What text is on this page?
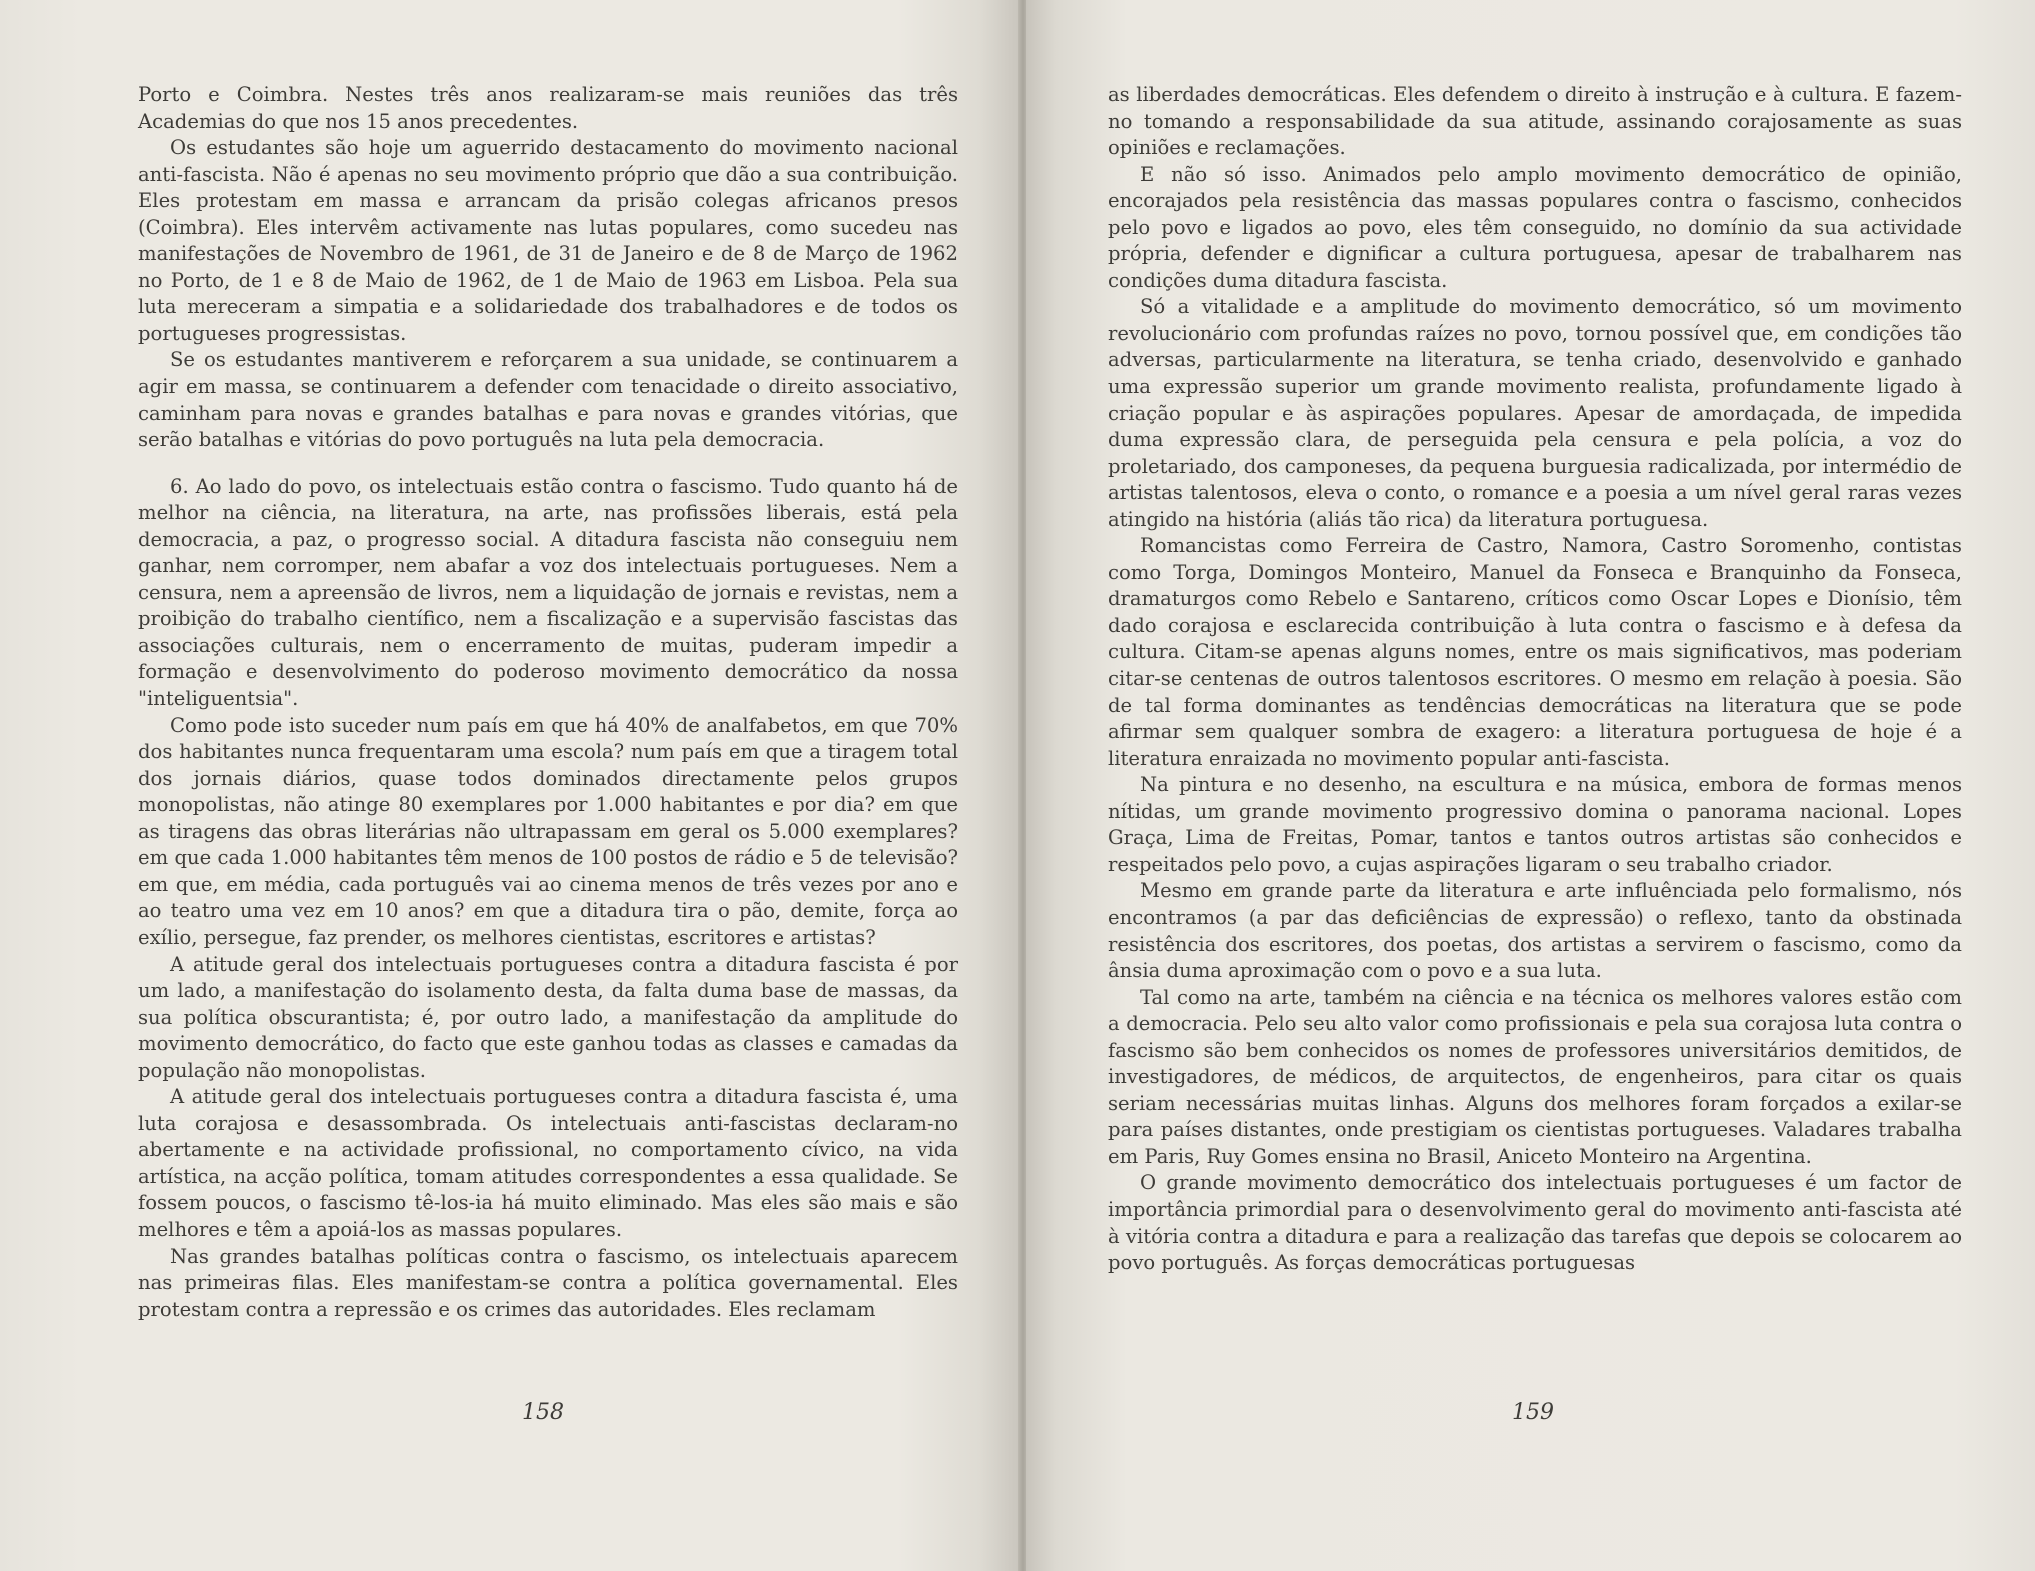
Porto e Coimbra. Nestes três anos realizaram-se mais reuniões das três Academias do que nos 15 anos precedentes.

Os estudantes são hoje um aguerrido destacamento do movimento nacional anti-fascista. Não é apenas no seu movimento próprio que dão a sua contribuição. Eles protestam em massa e arrancam da prisão colegas africanos presos (Coimbra). Eles intervêm activamente nas lutas populares, como sucedeu nas manifestações de Novembro de 1961, de 31 de Janeiro e de 8 de Março de 1962 no Porto, de 1 e 8 de Maio de 1962, de 1 de Maio de 1963 em Lisboa. Pela sua luta mereceram a simpatia e a solidariedade dos trabalhadores e de todos os portugueses progressistas.

Se os estudantes mantiverem e reforçarem a sua unidade, se continuarem a agir em massa, se continuarem a defender com tenacidade o direito associativo, caminham para novas e grandes batalhas e para novas e grandes vitórias, que serão batalhas e vitórias do povo português na luta pela democracia.

6. Ao lado do povo, os intelectuais estão contra o fascismo. Tudo quanto há de melhor na ciência, na literatura, na arte, nas profissões liberais, está pela democracia, a paz, o progresso social. A ditadura fascista não conseguiu nem ganhar, nem corromper, nem abafar a voz dos intelectuais portugueses. Nem a censura, nem a apreensão de livros, nem a liquidação de jornais e revistas, nem a proibição do trabalho científico, nem a fiscalização e a supervisão fascistas das associações culturais, nem o encerramento de muitas, puderam impedir a formação e desenvolvimento do poderoso movimento democrático da nossa "inteliguentsia".

Como pode isto suceder num país em que há 40% de analfabetos, em que 70% dos habitantes nunca frequentaram uma escola? num país em que a tiragem total dos jornais diários, quase todos dominados directamente pelos grupos monopolistas, não atinge 80 exemplares por 1.000 habitantes e por dia? em que as tiragens das obras literárias não ultrapassam em geral os 5.000 exemplares? em que cada 1.000 habitantes têm menos de 100 postos de rádio e 5 de televisão? em que, em média, cada português vai ao cinema menos de três vezes por ano e ao teatro uma vez em 10 anos? em que a ditadura tira o pão, demite, força ao exílio, persegue, faz prender, os melhores cientistas, escritores e artistas?

A atitude geral dos intelectuais portugueses contra a ditadura fascista é por um lado, a manifestação do isolamento desta, da falta duma base de massas, da sua política obscurantista; é, por outro lado, a manifestação da amplitude do movimento democrático, do facto que este ganhou todas as classes e camadas da população não monopolistas.

A atitude geral dos intelectuais portugueses contra a ditadura fascista é, uma luta corajosa e desassombrada. Os intelectuais anti-fascistas declaram-no abertamente e na actividade profissional, no comportamento cívico, na vida artística, na acção política, tomam atitudes correspondentes a essa qualidade. Se fossem poucos, o fascismo tê-los-ia há muito eliminado. Mas eles são mais e são melhores e têm a apoiá-los as massas populares.

Nas grandes batalhas políticas contra o fascismo, os intelectuais aparecem nas primeiras filas. Eles manifestam-se contra a política governamental. Eles protestam contra a repressão e os crimes das autoridades. Eles reclamam

158

as liberdades democráticas. Eles defendem o direito à instrução e à cultura. E fazem-no tomando a responsabilidade da sua atitude, assinando corajosamente as suas opiniões e reclamações.

E não só isso. Animados pelo amplo movimento democrático de opinião, encorajados pela resistência das massas populares contra o fascismo, conhecidos pelo povo e ligados ao povo, eles têm conseguido, no domínio da sua actividade própria, defender e dignificar a cultura portuguesa, apesar de trabalharem nas condições duma ditadura fascista.

Só a vitalidade e a amplitude do movimento democrático, só um movimento revolucionário com profundas raízes no povo, tornou possível que, em condições tão adversas, particularmente na literatura, se tenha criado, desenvolvido e ganhado uma expressão superior um grande movimento realista, profundamente ligado à criação popular e às aspirações populares. Apesar de amordaçada, de impedida duma expressão clara, de perseguida pela censura e pela polícia, a voz do proletariado, dos camponeses, da pequena burguesia radicalizada, por intermédio de artistas talentosos, eleva o conto, o romance e a poesia a um nível geral raras vezes atingido na história (aliás tão rica) da literatura portuguesa.

Romancistas como Ferreira de Castro, Namora, Castro Soromenho, contistas como Torga, Domingos Monteiro, Manuel da Fonseca e Branquinho da Fonseca, dramaturgos como Rebelo e Santareno, críticos como Oscar Lopes e Dionísio, têm dado corajosa e esclarecida contribuição à luta contra o fascismo e à defesa da cultura. Citam-se apenas alguns nomes, entre os mais significativos, mas poderiam citar-se centenas de outros talentosos escritores. O mesmo em relação à poesia. São de tal forma dominantes as tendências democráticas na literatura que se pode afirmar sem qualquer sombra de exagero: a literatura portuguesa de hoje é a literatura enraizada no movimento popular anti-fascista.

Na pintura e no desenho, na escultura e na música, embora de formas menos nítidas, um grande movimento progressivo domina o panorama nacional. Lopes Graça, Lima de Freitas, Pomar, tantos e tantos outros artistas são conhecidos e respeitados pelo povo, a cujas aspirações ligaram o seu trabalho criador.

Mesmo em grande parte da literatura e arte influênciada pelo formalismo, nós encontramos (a par das deficiências de expressão) o reflexo, tanto da obstinada resistência dos escritores, dos poetas, dos artistas a servirem o fascismo, como da ânsia duma aproximação com o povo e a sua luta.

Tal como na arte, também na ciência e na técnica os melhores valores estão com a democracia. Pelo seu alto valor como profissionais e pela sua corajosa luta contra o fascismo são bem conhecidos os nomes de professores universitários demitidos, de investigadores, de médicos, de arquitectos, de engenheiros, para citar os quais seriam necessárias muitas linhas. Alguns dos melhores foram forçados a exilar-se para países distantes, onde prestigiam os cientistas portugueses. Valadares trabalha em Paris, Ruy Gomes ensina no Brasil, Aniceto Monteiro na Argentina.

O grande movimento democrático dos intelectuais portugueses é um factor de importância primordial para o desenvolvimento geral do movimento anti-fascista até à vitória contra a ditadura e para a realização das tarefas que depois se colocarem ao povo português. As forças democráticas portuguesas

159
